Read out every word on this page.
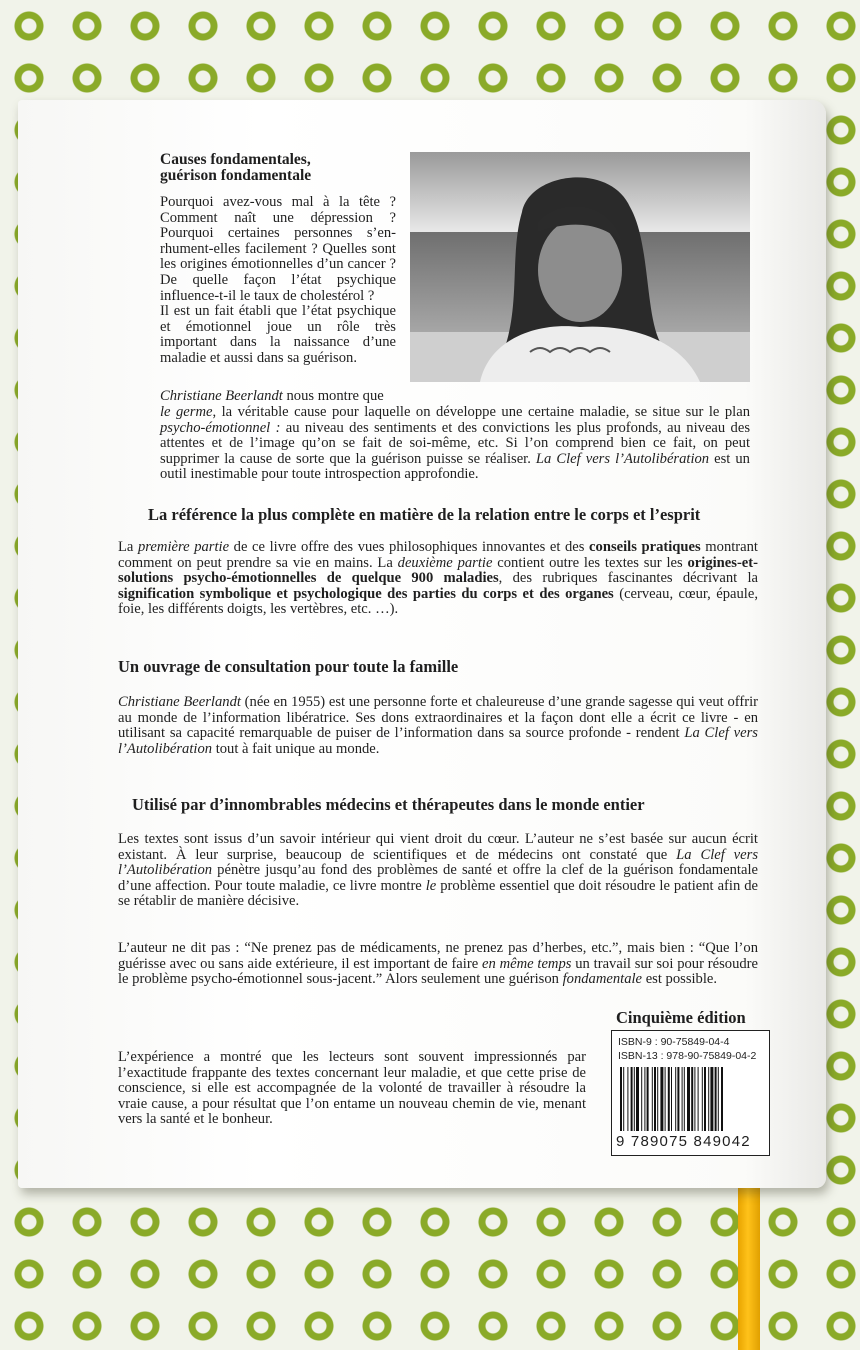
Causes fondamentales,
guérison fondamentale

Pourquoi avez-vous mal à la tête ? Comment naît une dépression ? Pourquoi certaines personnes s’en-rhument-elles facilement ? Quelles sont les origines émotionnelles d’un cancer ? De quelle façon l’état psychique influence-t-il le taux de cholestérol ?
Il est un fait établi que l’état psychique et émotionnel joue un rôle très important dans la naissance d’une maladie et aussi dans sa guérison.

Christiane Beerlandt nous montre que

le germe, la véritable cause pour laquelle on développe une certaine maladie, se situe sur le plan psycho-émotionnel : au niveau des sentiments et des convictions les plus profonds, au niveau des attentes et de l’image qu’on se fait de soi-même, etc. Si l’on comprend bien ce fait, on peut supprimer la cause de sorte que la guérison puisse se réaliser. La Clef vers l’Autolibération est un outil inestimable pour toute introspection approfondie.

La référence la plus complète en matière de la relation entre le corps et l’esprit

La première partie de ce livre offre des vues philosophiques innovantes et des conseils pratiques montrant comment on peut prendre sa vie en mains. La deuxième partie contient outre les textes sur les origines-et-solutions psycho-émotionnelles de quelque 900 maladies, des rubriques fascinantes décrivant la signification symbolique et psychologique des parties du corps et des organes (cerveau, cœur, épaule, foie, les différents doigts, les vertèbres, etc. …).

Un ouvrage de consultation pour toute la famille

Christiane Beerlandt (née en 1955) est une personne forte et chaleureuse d’une grande sagesse qui veut offrir au monde de l’information libératrice. Ses dons extraordinaires et la façon dont elle a écrit ce livre - en utilisant sa capacité remarquable de puiser de l’information dans sa source profonde - rendent La Clef vers l’Autolibération tout à fait unique au monde.

Utilisé par d’innombrables médecins et thérapeutes dans le monde entier

Les textes sont issus d’un savoir intérieur qui vient droit du cœur. L’auteur ne s’est basée sur aucun écrit existant. À leur surprise, beaucoup de scientifiques et de médecins ont constaté que La Clef vers l’Autolibération pénètre jusqu’au fond des problèmes de santé et offre la clef de la guérison fondamentale d’une affection. Pour toute maladie, ce livre montre le problème essentiel que doit résoudre le patient afin de se rétablir de manière décisive.

L’auteur ne dit pas : “Ne prenez pas de médicaments, ne prenez pas d’herbes, etc.”, mais bien : “Que l’on guérisse avec ou sans aide extérieure, il est important de faire en même temps un travail sur soi pour résoudre le problème psycho-émotionnel sous-jacent.” Alors seulement une guérison fondamentale est possible.

L’expérience a montré que les lecteurs sont souvent impressionnés par l’exactitude frappante des textes concernant leur maladie, et que cette prise de conscience, si elle est accompagnée de la volonté de travailler à résoudre la vraie cause, a pour résultat que l’on entame un nouveau chemin de vie, menant vers la santé et le bonheur.

Cinquième édition
ISBN-9 : 90-75849-04-4
ISBN-13 : 978-90-75849-04-2
9 789075 849042
